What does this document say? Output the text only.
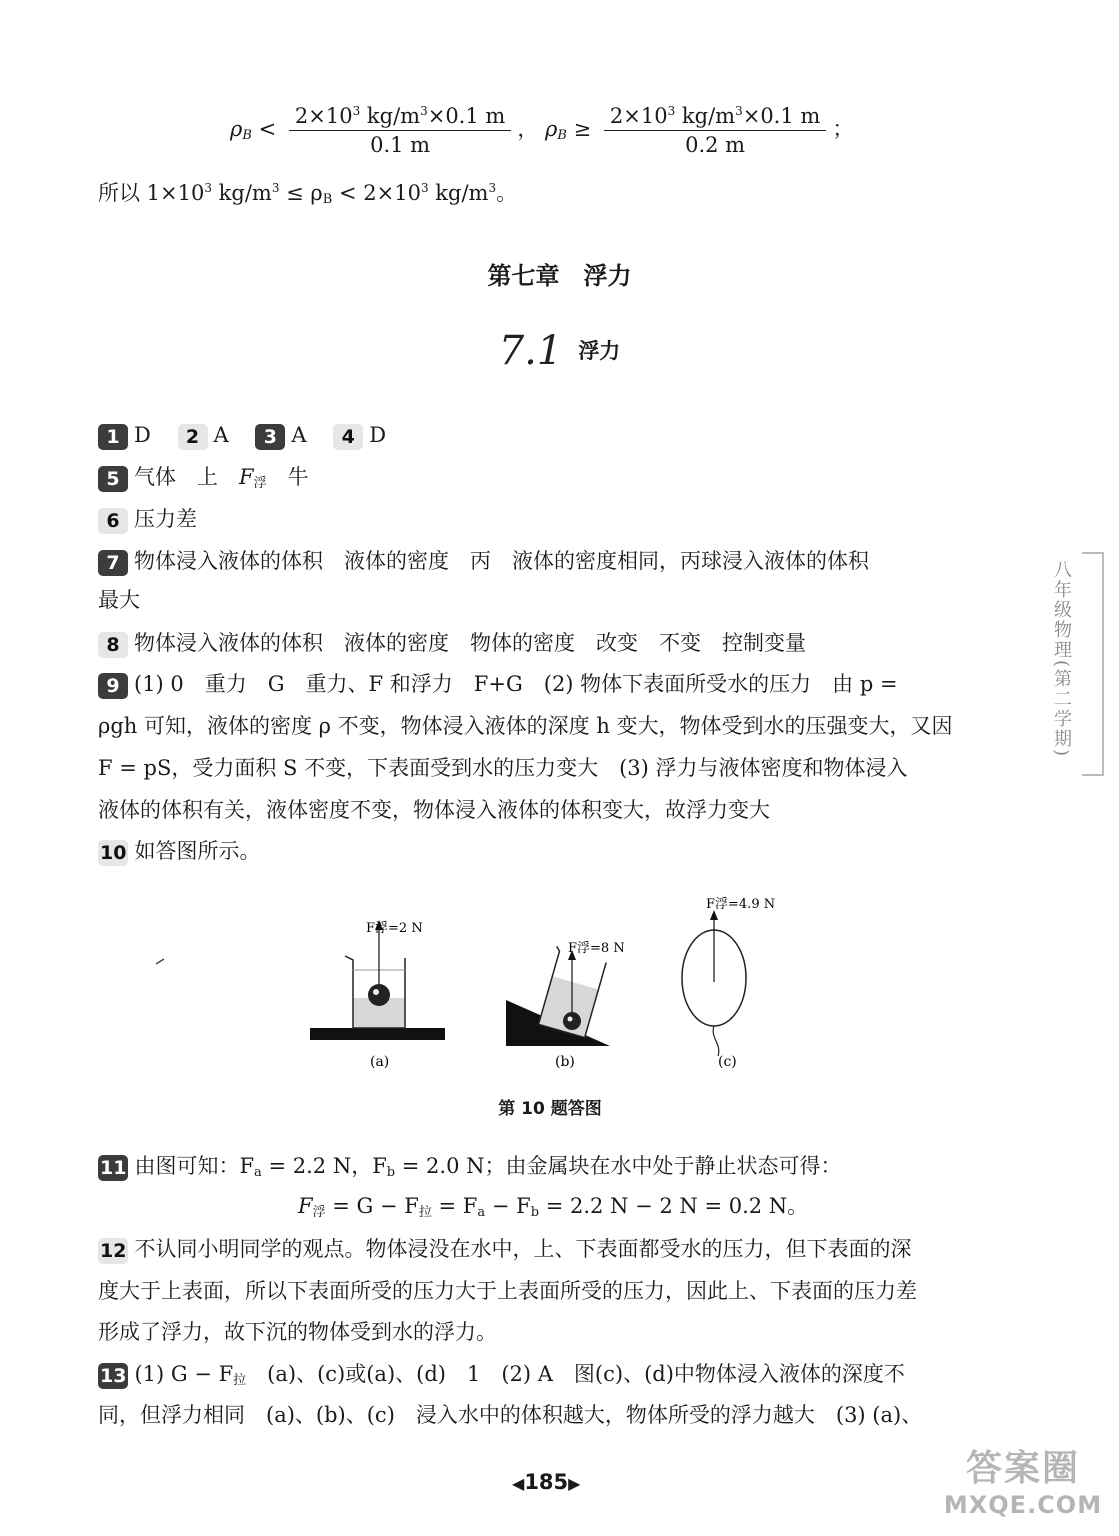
$\rho_B < \frac{2\times 10^3 kg/m^3\times 0.1 m}{0.1 m}$ ， $\rho_B \ge \frac{2\times 10^3 kg/m^3\times 0.1 m}{0.2 m}$ ；
所以 $1\times 10^3$ $kg/m^3 \le \rho_B < 2\times 10^3$ $kg/m^3$。
第七章　浮力
7.1 浮力
1 D 2 A 3 A 4 D
5 气体　上　$F_浮$　牛
6 压力差
7 物体浸入液体的体积　液体的密度　丙　液体的密度相同，丙球浸入液体的体积
最大
8 物体浸入液体的体积　液体的密度　物体的密度　改变　不变　控制变量
9 (1) 0　重力　G　重力、F 和浮力　F+G　(2) 物体下表面所受水的压力　由 p =
ρgh 可知，液体的密度 ρ 不变，物体浸入液体的深度 h 变大，物体受到水的压强变大，又因
F = pS，受力面积 S 不变，下表面受到水的压力变大　(3) 浮力与液体密度和物体浸入
液体的体积有关，液体密度不变，物体浸入液体的体积变大，故浮力变大
10 如答图所示。
F浮=2 N
F浮=8 N
F浮=4.9 N
(a)	(b)	(c)
第 10 题答图
11 由图可知：$F_a = 2.2$ N，$F_b = 2.0$ N；由金属块在水中处于静止状态可得：
$F_浮 = G - F_拉 = F_a - F_b = 2.2$ N − 2 N = 0.2 N。
12 不认同小明同学的观点。物体浸没在水中，上、下表面都受水的压力，但下表面的深
度大于上表面，所以下表面所受的压力大于上表面所受的压力，因此上、下表面的压力差
形成了浮力，故下沉的物体受到水的浮力。
13 (1) $G - F_拉$　(a)、(c)或(a)、(d)　1　(2) A　图(c)、(d)中物体浸入液体的深度不
同，但浮力相同　(a)、(b)、(c)　浸入水中的体积越大，物体所受的浮力越大　(3) (a)、
八年级物理(第二学期)
◀185▶	答案圈
MXQE.COM
